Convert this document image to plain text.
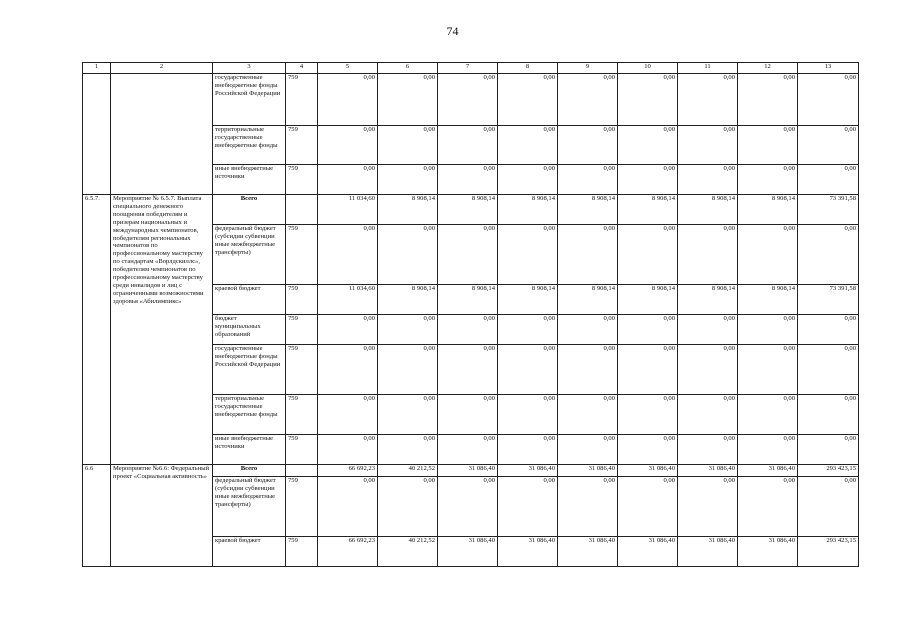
74
1	2	3	4	5	6	7	8	9	10	11	12	13
		государственные внебюджетные фонды Российской Федерации	759	0,00	0,00	0,00	0,00	0,00	0,00	0,00	0,00	0,00
		территориальные государственные внебюджетные фонды	759	0,00	0,00	0,00	0,00	0,00	0,00	0,00	0,00	0,00
		иные внебюджетные источники	759	0,00	0,00	0,00	0,00	0,00	0,00	0,00	0,00	0,00
6.5.7.	Мероприятие № 6.5.7. Выплата специального денежного поощрения победителям и призерам национальных и международных чемпионатов, победителям региональных чемпионатов по профессиональному мастерству по стандартам «Ворлдскиллс», победителям чемпионатов по профессиональному мастерству среди инвалидов и лиц с ограниченными возможностями здоровья «Абилимпикс»	Всего		11 034,60	8 908,14	8 908,14	8 908,14	8 908,14	8 908,14	8 908,14	8 908,14	73 391,58
		федеральный бюджет (субсидии субвенции иные межбюджетные трансферты)	759	0,00	0,00	0,00	0,00	0,00	0,00	0,00	0,00	0,00
		краевой бюджет	759	11 034,60	8 908,14	8 908,14	8 908,14	8 908,14	8 908,14	8 908,14	8 908,14	73 391,58
		бюджет муниципальных образований	759	0,00	0,00	0,00	0,00	0,00	0,00	0,00	0,00	0,00
		государственные внебюджетные фонды Российской Федерации	759	0,00	0,00	0,00	0,00	0,00	0,00	0,00	0,00	0,00
		территориальные государственные внебюджетные фонды	759	0,00	0,00	0,00	0,00	0,00	0,00	0,00	0,00	0,00
		иные внебюджетные источники	759	0,00	0,00	0,00	0,00	0,00	0,00	0,00	0,00	0,00
6.6	Мероприятие №6.6: Федеральный проект «Социальная активность»	Всего		66 692,23	40 212,52	31 086,40	31 086,40	31 086,40	31 086,40	31 086,40	31 086,40	293 423,15
		федеральный бюджет (субсидии субвенции иные межбюджетные трансферты)	759	0,00	0,00	0,00	0,00	0,00	0,00	0,00	0,00	0,00
		краевой бюджет	759	66 692,23	40 212,52	31 086,40	31 086,40	31 086,40	31 086,40	31 086,40	31 086,40	293 423,15
